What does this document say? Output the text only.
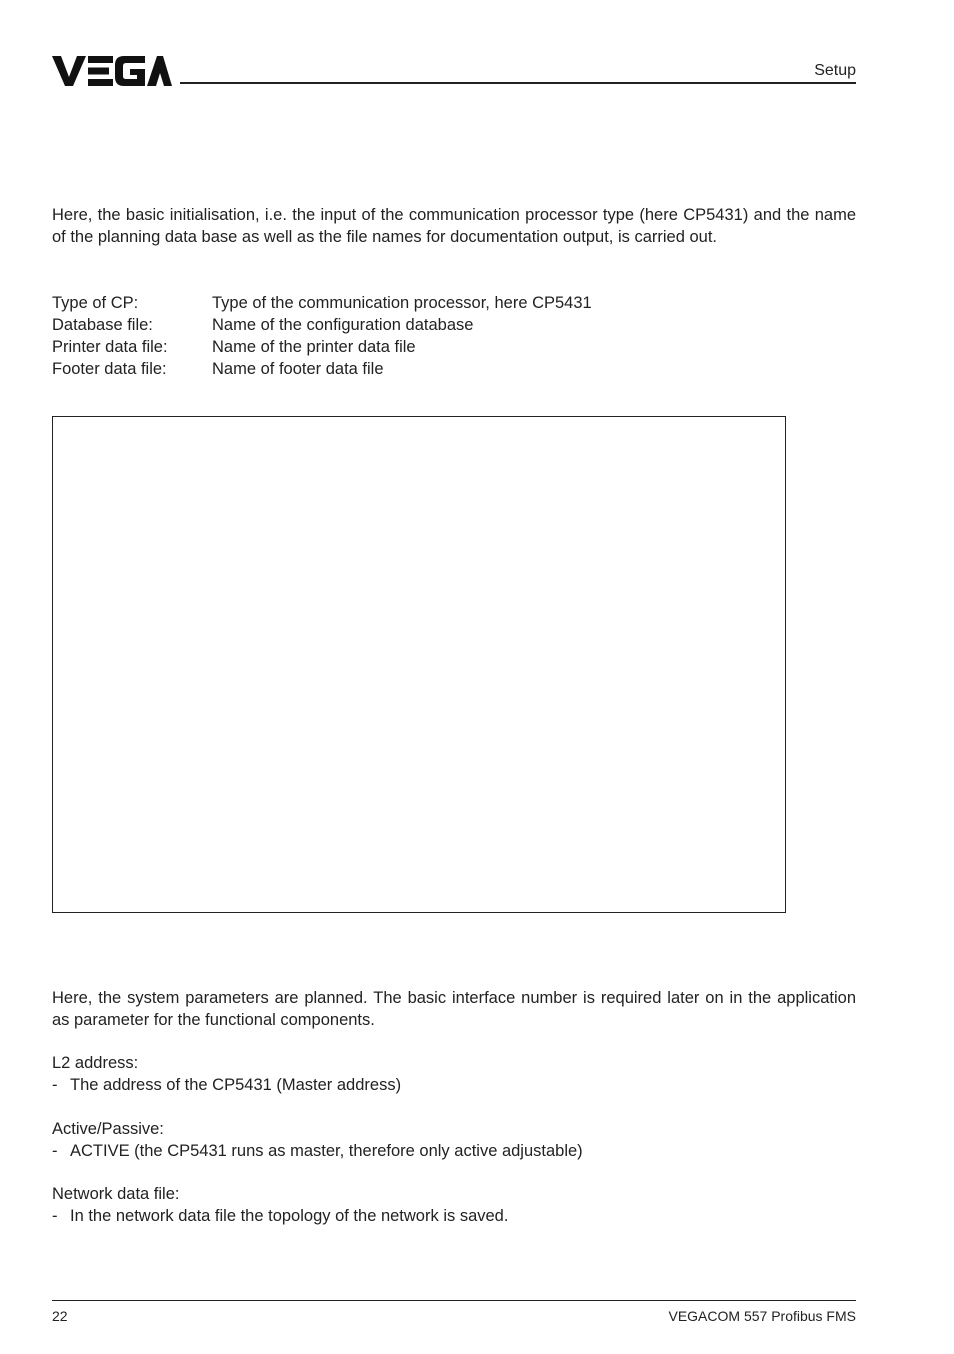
Setup
Here, the basic initialisation, i.e. the input of the communication processor type (here CP5431) and the name of the planning data base as well as the file names for documentation output, is carried out.
Type of CP:	Type of the communication processor, here CP5431
Database file:	Name of the configuration database
Printer data file:	Name of the printer data file
Footer data file:	Name of footer data file
Here, the system parameters are planned. The basic interface number is required later on in the application as parameter for the functional components.
L2 address:
- The address of the CP5431 (Master address)
Active/Passive:
- ACTIVE (the CP5431 runs as master, therefore only active adjustable)
Network data file:
- In the network data file the topology of the network is saved.
22	VEGACOM 557 Profibus FMS
